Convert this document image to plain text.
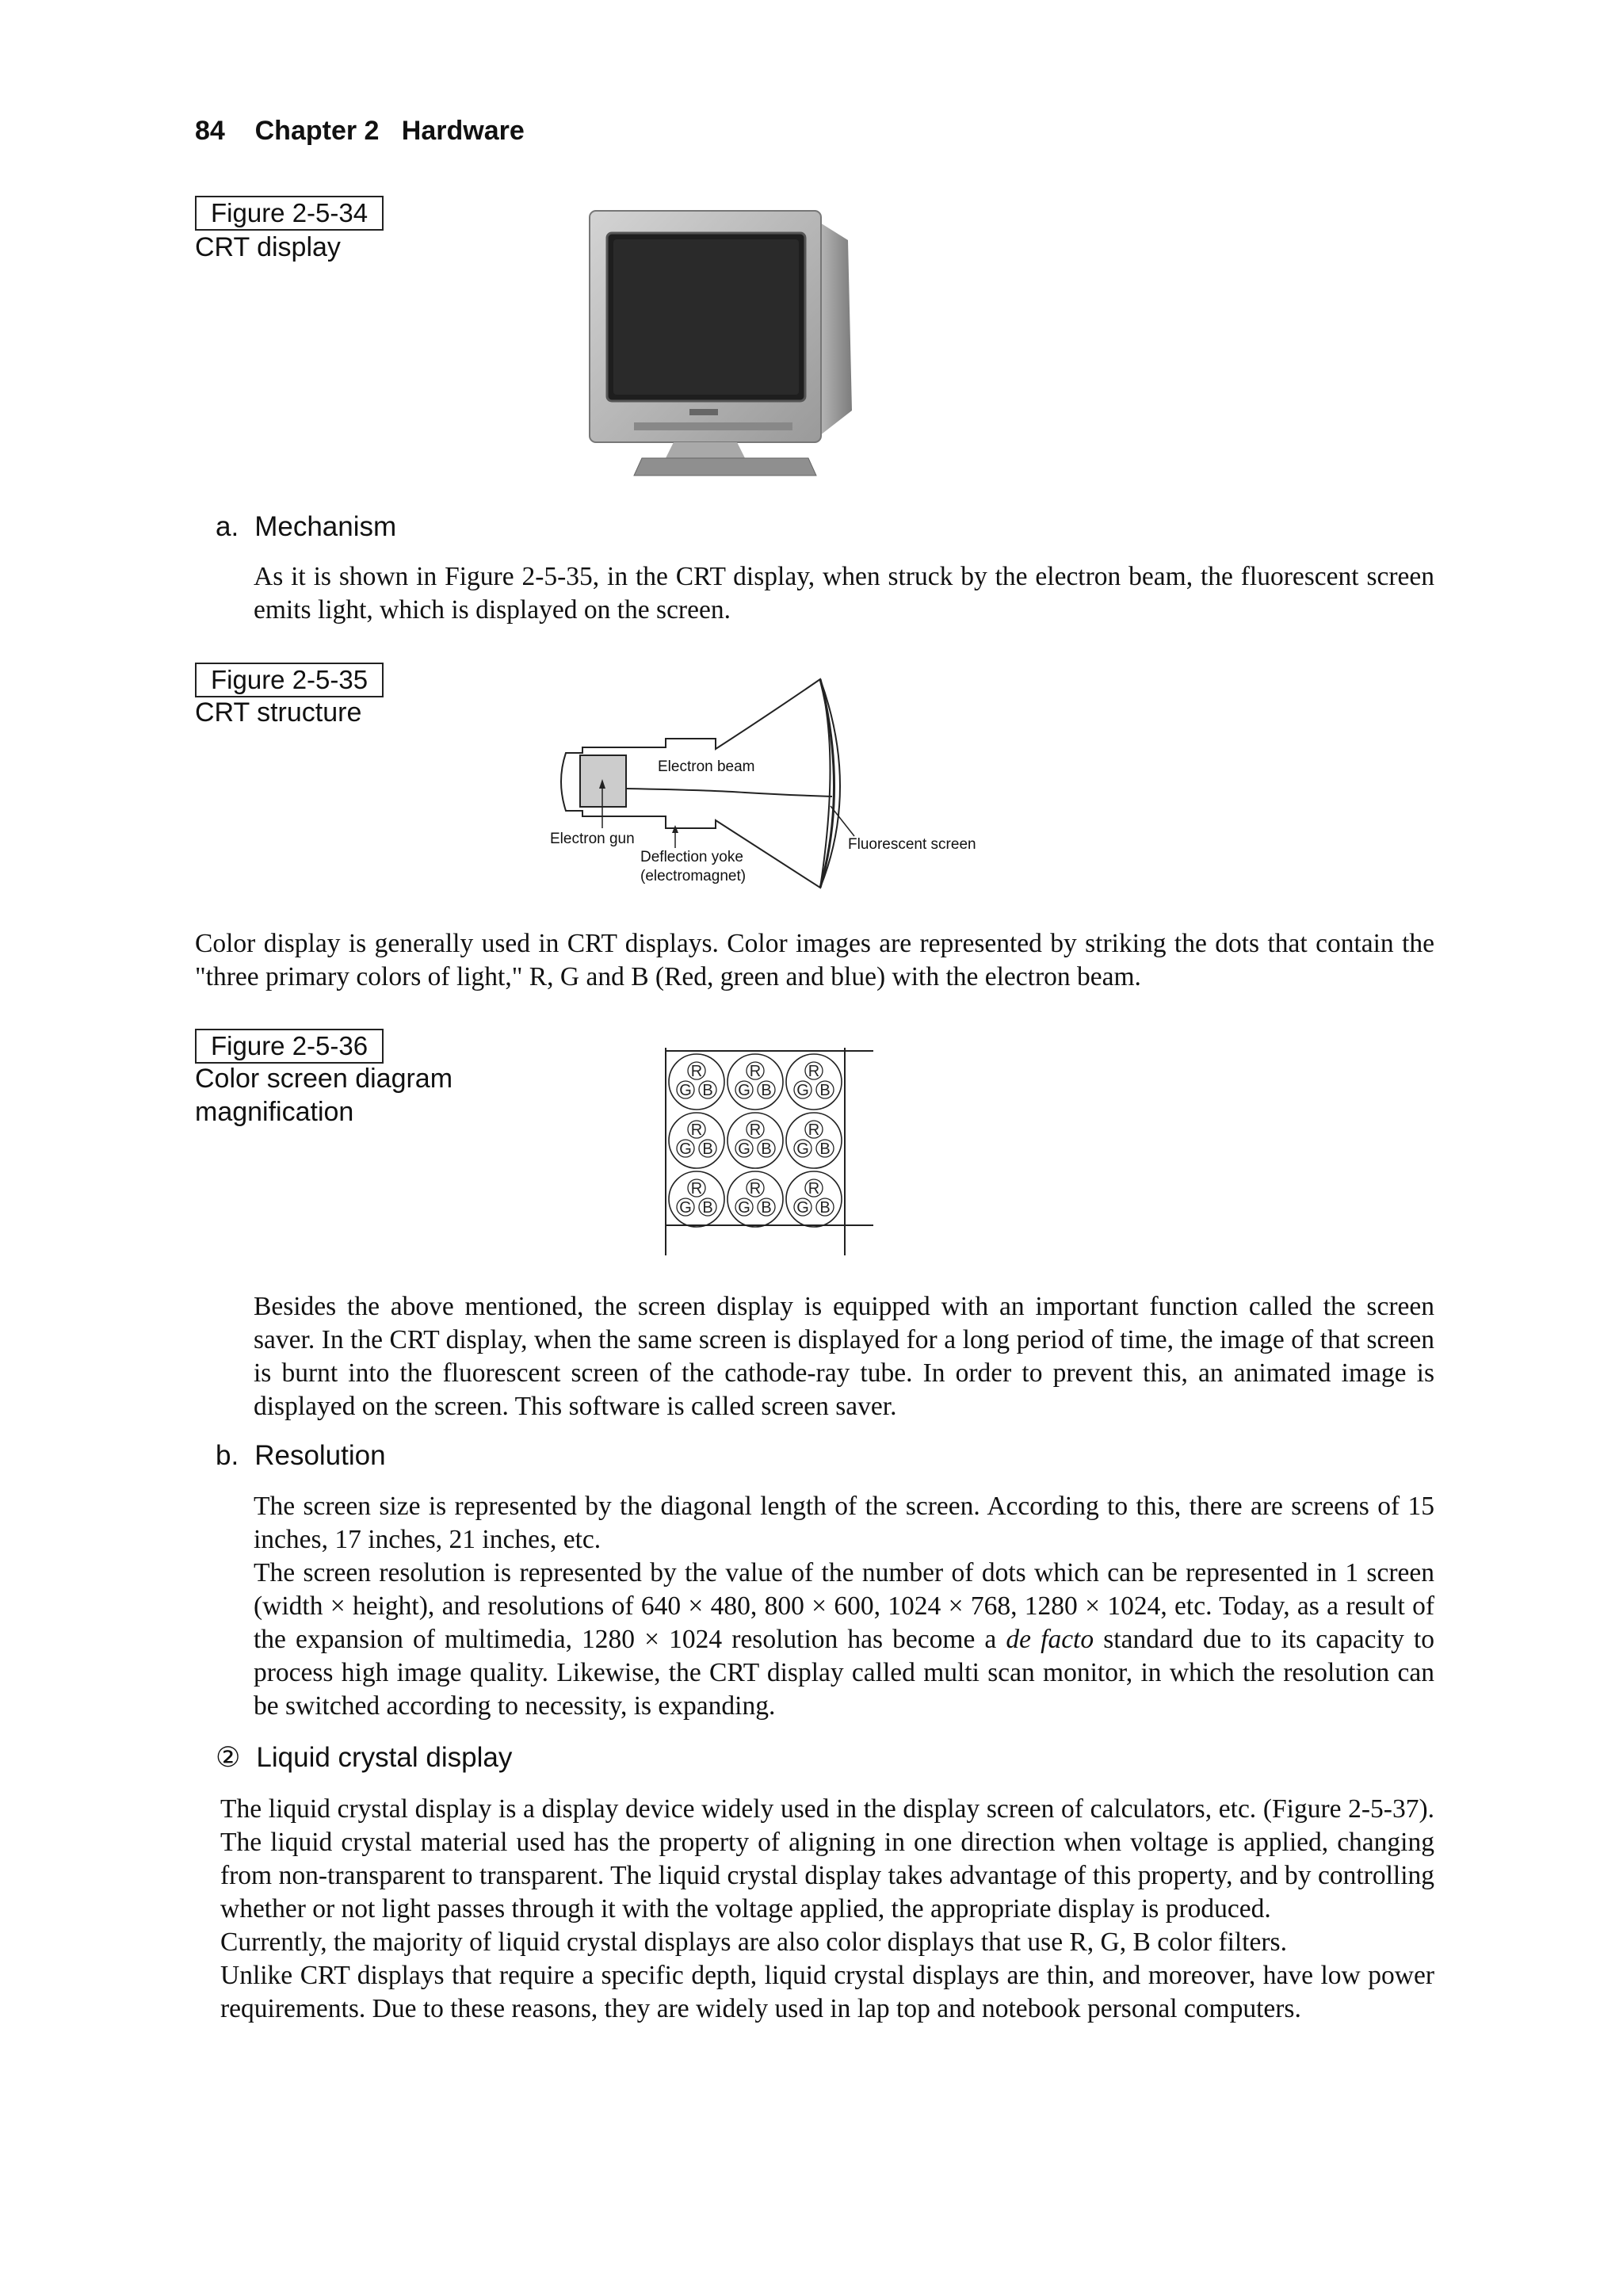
84 Chapter 2 Hardware
Figure 2-5-34
CRT display
a. Mechanism

As it is shown in Figure 2-5-35, in the CRT display, when struck by the electron beam, the fluorescent screen emits light, which is displayed on the screen.

Figure 2-5-35
CRT structure
Electron beam
Electron gun
Deflection yoke
(electromagnet)
Fluorescent screen

Color display is generally used in CRT displays. Color images are represented by striking the dots that contain the "three primary colors of light," R, G and B (Red, green and blue) with the electron beam.

Figure 2-5-36
Color screen diagram
magnification
R
G B
R
G B
R
G B
R
G B
R
G B
R
G B
R
G B
R
G B
R
G B

Besides the above mentioned, the screen display is equipped with an important function called the screen saver. In the CRT display, when the same screen is displayed for a long period of time, the image of that screen is burnt into the fluorescent screen of the cathode-ray tube. In order to prevent this, an animated image is displayed on the screen. This software is called screen saver.

b. Resolution

The screen size is represented by the diagonal length of the screen. According to this, there are screens of 15 inches, 17 inches, 21 inches, etc.

The screen resolution is represented by the value of the number of dots which can be represented in 1 screen (width × height), and resolutions of 640 × 480, 800 × 600, 1024 × 768, 1280 × 1024, etc. Today, as a result of the expansion of multimedia, 1280 × 1024 resolution has become a de facto standard due to its capacity to process high image quality. Likewise, the CRT display called multi scan monitor, in which the resolution can be switched according to necessity, is expanding.

② Liquid crystal display

The liquid crystal display is a display device widely used in the display screen of calculators, etc. (Figure 2-5-37). The liquid crystal material used has the property of aligning in one direction when voltage is applied, changing from non-transparent to transparent. The liquid crystal display takes advantage of this property, and by controlling whether or not light passes through it with the voltage applied, the appropriate display is produced.

Currently, the majority of liquid crystal displays are also color displays that use R, G, B color filters.

Unlike CRT displays that require a specific depth, liquid crystal displays are thin, and moreover, have low power requirements. Due to these reasons, they are widely used in lap top and notebook personal computers.
